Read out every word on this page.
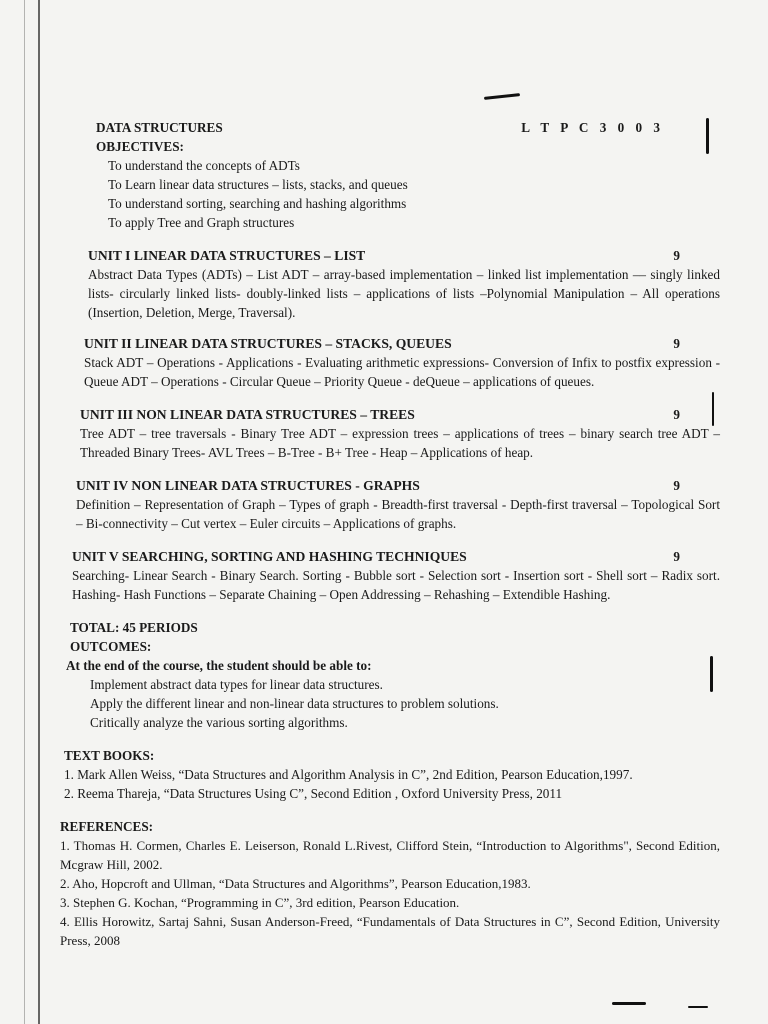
DATA STRUCTURES	L T P C 3 0 0 3
OBJECTIVES:
To understand the concepts of ADTs
To Learn linear data structures – lists, stacks, and queues
To understand sorting, searching and hashing algorithms
To apply Tree and Graph structures
UNIT I LINEAR DATA STRUCTURES – LIST	9
Abstract Data Types (ADTs) – List ADT – array-based implementation – linked list implementation –– singly linked lists- circularly linked lists- doubly-linked lists – applications of lists –Polynomial Manipulation – All operations (Insertion, Deletion, Merge, Traversal).
UNIT II LINEAR DATA STRUCTURES – STACKS, QUEUES	9
Stack ADT – Operations - Applications - Evaluating arithmetic expressions- Conversion of Infix to postfix expression - Queue ADT – Operations - Circular Queue – Priority Queue - deQueue – applications of queues.
UNIT III NON LINEAR DATA STRUCTURES – TREES	9
Tree ADT – tree traversals - Binary Tree ADT – expression trees – applications of trees – binary search tree ADT –Threaded Binary Trees- AVL Trees – B-Tree - B+ Tree - Heap – Applications of heap.
UNIT IV NON LINEAR DATA STRUCTURES - GRAPHS	9
Definition – Representation of Graph – Types of graph - Breadth-first traversal - Depth-first traversal – Topological Sort – Bi-connectivity – Cut vertex – Euler circuits – Applications of graphs.
UNIT V SEARCHING, SORTING AND HASHING TECHNIQUES	9
Searching- Linear Search - Binary Search. Sorting - Bubble sort - Selection sort - Insertion sort - Shell sort – Radix sort. Hashing- Hash Functions – Separate Chaining – Open Addressing – Rehashing – Extendible Hashing.
TOTAL: 45 PERIODS
OUTCOMES:
At the end of the course, the student should be able to:
Implement abstract data types for linear data structures.
Apply the different linear and non-linear data structures to problem solutions.
Critically analyze the various sorting algorithms.
TEXT BOOKS:
1. Mark Allen Weiss, “Data Structures and Algorithm Analysis in C”, 2nd Edition, Pearson Education,1997.
2. Reema Thareja, “Data Structures Using C”, Second Edition , Oxford University Press, 2011
REFERENCES:
1. Thomas H. Cormen, Charles E. Leiserson, Ronald L.Rivest, Clifford Stein, “Introduction to Algorithms", Second Edition, Mcgraw Hill, 2002.
2. Aho, Hopcroft and Ullman, “Data Structures and Algorithms”, Pearson Education,1983.
3. Stephen G. Kochan, “Programming in C”, 3rd edition, Pearson Education.
4. Ellis Horowitz, Sartaj Sahni, Susan Anderson-Freed, “Fundamentals of Data Structures in C”, Second Edition, University Press, 2008
